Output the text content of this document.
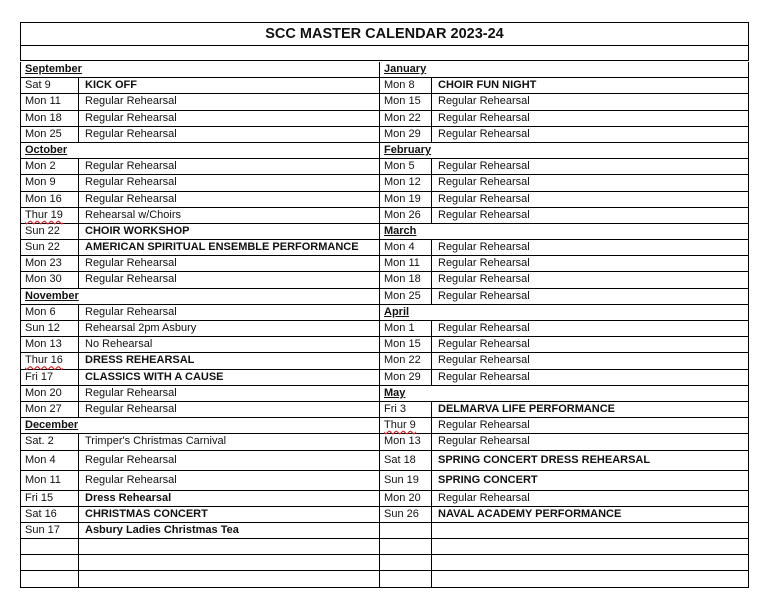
SCC MASTER CALENDAR 2023-24
September
Sat 9	KICK OFF
Mon 11 Regular Rehearsal
Mon 18 Regular Rehearsal
Mon 25 Regular Rehearsal
October
Mon 2	Regular Rehearsal
Mon 9	Regular Rehearsal
Mon 16 Regular Rehearsal
Thur 19 Rehearsal w/Choirs
Sun 22 CHOIR WORKSHOP
Sun 22 AMERICAN SPIRITUAL ENSEMBLE PERFORMANCE
Mon 23 Regular Rehearsal
Mon 30 Regular Rehearsal
November
Mon 6	Regular Rehearsal
Sun 12 Rehearsal 2pm Asbury
Mon 13 No Rehearsal
Thur 16 DRESS REHEARSAL
Fri 17	CLASSICS WITH A CAUSE
Mon 20 Regular Rehearsal
Mon 27 Regular Rehearsal
December
Sat. 2	Trimper's Christmas Carnival
Mon 4	Regular Rehearsal
Mon 11 Regular Rehearsal
Fri 15	Dress Rehearsal
Sat 16	CHRISTMAS CONCERT
Sun 17 Asbury Ladies Christmas Tea
January
Mon 8 CHOIR FUN NIGHT
Mon 15 Regular Rehearsal
Mon 22 Regular Rehearsal
Mon 29 Regular Rehearsal
February
Mon 5 Regular Rehearsal
Mon 12 Regular Rehearsal
Mon 19 Regular Rehearsal
Mon 26 Regular Rehearsal
March
Mon 4 Regular Rehearsal
Mon 11 Regular Rehearsal
Mon 18 Regular Rehearsal
Mon 25 Regular Rehearsal
April
Mon 1 Regular Rehearsal
Mon 15 Regular Rehearsal
Mon 22 Regular Rehearsal
Mon 29 Regular Rehearsal
May
Fri 3	DELMARVA LIFE PERFORMANCE
Thur 9 Regular Rehearsal
Mon 13 Regular Rehearsal
Sat 18 SPRING CONCERT DRESS REHEARSAL
Sun 19 SPRING CONCERT
Mon 20 Regular Rehearsal
Sun 26 NAVAL ACADEMY PERFORMANCE
